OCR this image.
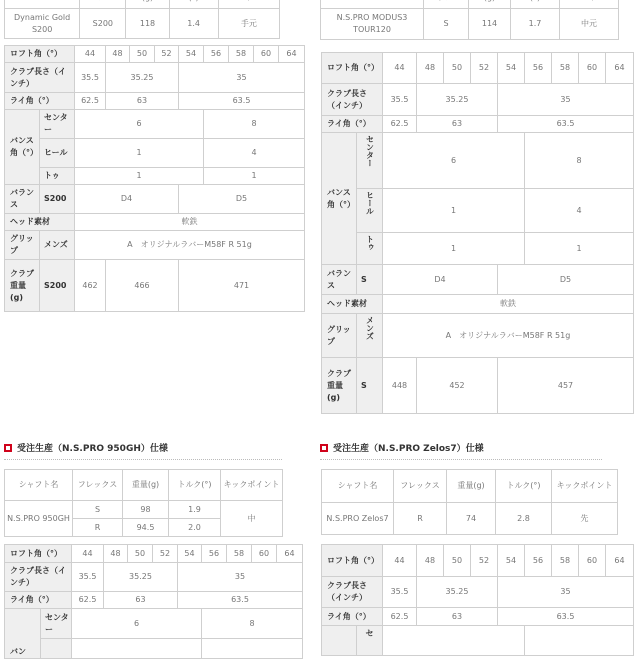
Dynamic Gold S200	S200	118	1.4	手元
ロフト角（°）		44	48	50	52	54	56	58	60	64
クラブ長さ（インチ）		35.5	35.25			35				
ライ角（°）		62.5	63			63.5				
バンス角（°）	センター	6					8			
	ヒール	1					4			
	トゥ	1					1			
バランス	S200	D4				D5				
ヘッド素材		軟鉄								
グリップ	メンズ	A　オリジナルラバーM58F R 51g								
クラブ重量(g)	S200	462	466			471				

N.S.PRO MODUS3 TOUR120	S	114	1.7	中元
ロフト角（°）		44	48	50	52	54	56	58	60	64
クラブ長さ（インチ）		35.5	35.25			35				
ライ角（°）		62.5	63			63.5				
バンス角（°）	センター	6					8			
	ヒール	1					4			
	トゥ	1					1			
バランス	S	D4				D5				
ヘッド素材		軟鉄								
グリップ	メンズ	A　オリジナルラバーM58F R 51g								
クラブ重量(g)	S	448	452			457				
受注生産（N.S.PRO 950GH）仕様
シャフト名	フレックス	重量(g)	トルク(°)	キックポイント
N.S.PRO 950GH	S	98	1.9	中
	R	94.5	2.0	
ロフト角（°）		44	48	50	52	54	56	58	60	64
クラブ長さ（インチ）		35.5	35.25			35				
ライ角（°）		62.5	63			63.5				
バン	センター	6					8			

受注生産（N.S.PRO Zelos7）仕様
シャフト名	フレックス	重量(g)	トルク(°)	キックポイント
N.S.PRO Zelos7	R	74	2.8	先
ロフト角（°）		44	48	50	52	54	56	58	60	64
クラブ長さ（インチ）		35.5	35.25			35				
ライ角（°）		62.5	63			63.5				
	セ									
